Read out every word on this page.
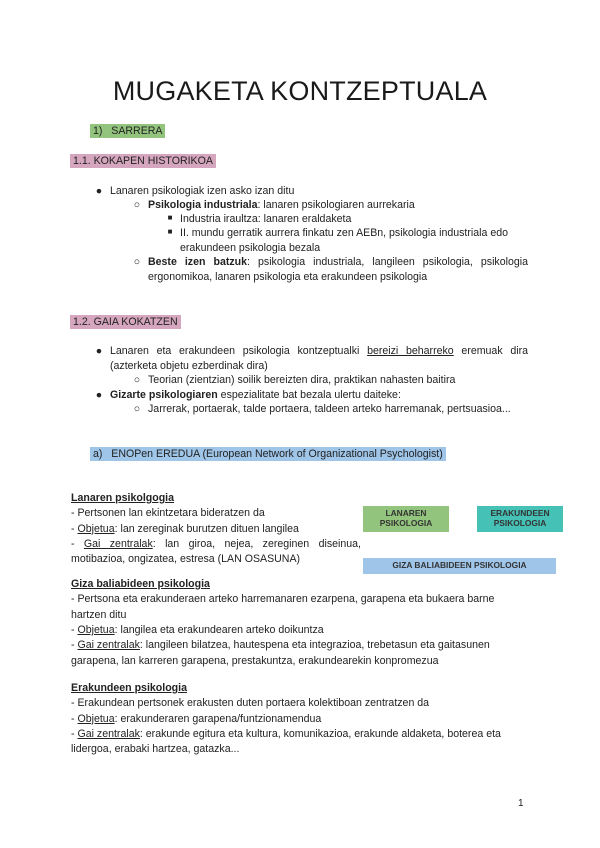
MUGAKETA KONTZEPTUALA
1) SARRERA
1.1. KOKAPEN HISTORIKOA
● Lanaren psikologiak izen asko izan ditu
○ Psikologia industriala: lanaren psikologiaren aurrekaria
■ Industria iraultza: lanaren eraldaketa
■ II. mundu gerratik aurrera finkatu zen AEBn, psikologia industriala edo
erakundeen psikologia bezala
○ Beste izen batzuk: psikologia industriala, langileen psikologia, psikologia
ergonomikoa, lanaren psikologia eta erakundeen psikologia
1.2. GAIA KOKATZEN
● Lanaren eta erakundeen psikologia kontzeptualki bereizi beharreko eremuak dira
(azterketa objetu ezberdinak dira)
○ Teorian (zientzian) soilik bereizten dira, praktikan nahasten baitira
● Gizarte psikologiaren espezialitate bat bezala ulertu daiteke:
○ Jarrerak, portaerak, talde portaera, taldeen arteko harremanak, pertsuasioa...
a) ENOPen EREDUA (European Network of Organizational Psychologist)
Lanaren psikolgogia
- Pertsonen lan ekintzetara bideratzen da
- Objetua: lan zereginak burutzen dituen langilea
- Gai zentralak: lan giroa, nejea, zereginen diseinua,
motibazioa, ongizatea, estresa (LAN OSASUNA)
LANAREN
PSIKOLOGIA
ERAKUNDEEN
PSIKOLOGIA
GIZA BALIABIDEEN PSIKOLOGIA
Giza baliabideen psikologia
- Pertsona eta erakunderaen arteko harremanaren ezarpena, garapena eta bukaera barne
hartzen ditu
- Objetua: langilea eta erakundearen arteko doikuntza
- Gai zentralak: langileen bilatzea, hautespena eta integrazioa, trebetasun eta gaitasunen
garapena, lan karreren garapena, prestakuntza, erakundearekin konpromezua
Erakundeen psikologia
- Erakundean pertsonek erakusten duten portaera kolektiboan zentratzen da
- Objetua: erakunderaren garapena/funtzionamendua
- Gai zentralak: erakunde egitura eta kultura, komunikazioa, erakunde aldaketa, boterea eta
lidergoa, erabaki hartzea, gatazka...
1
